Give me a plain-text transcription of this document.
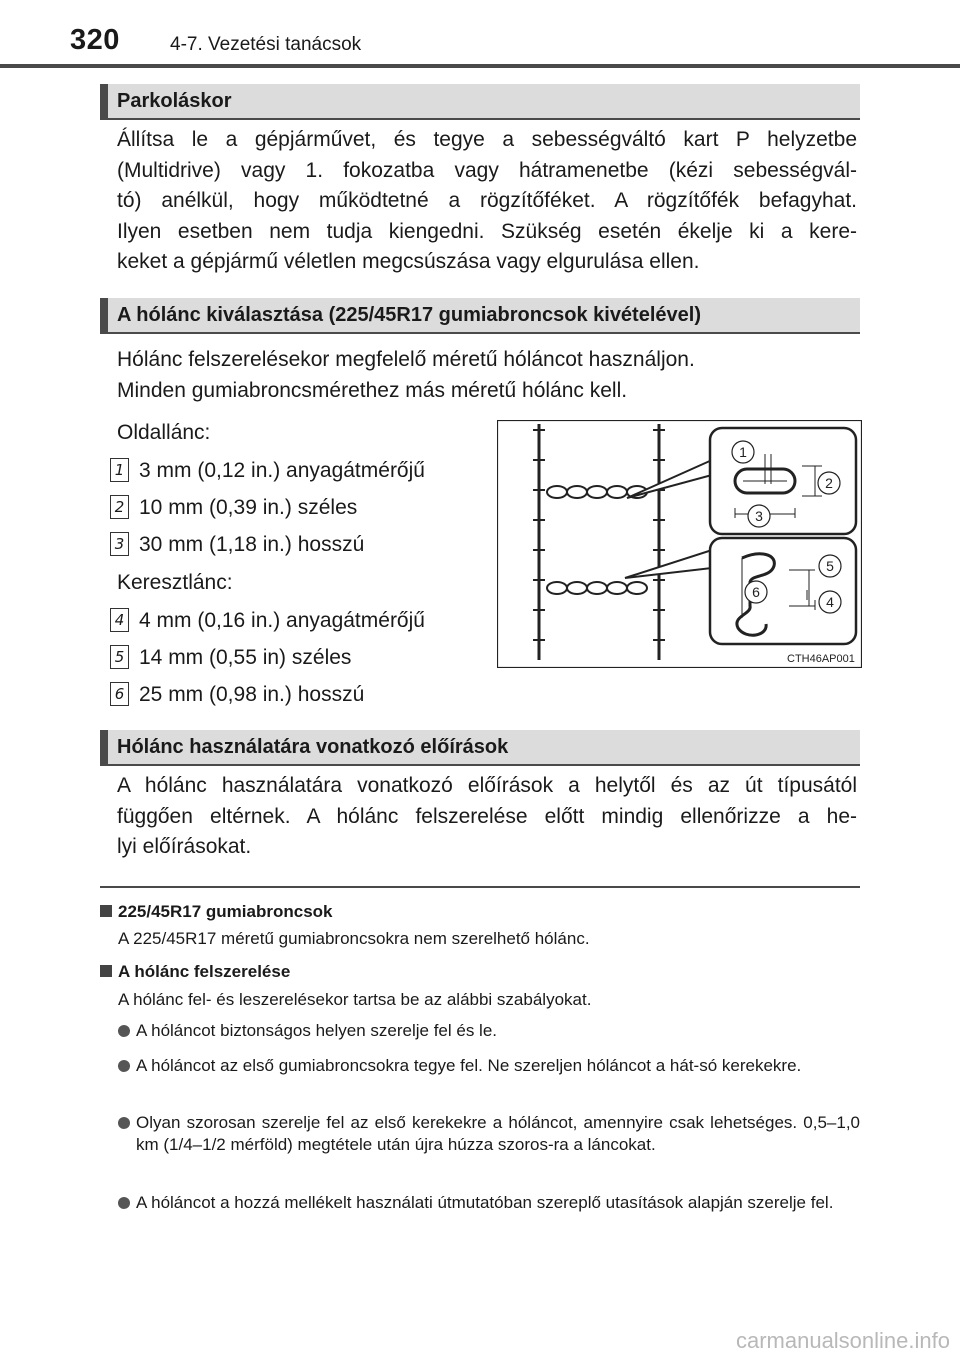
320	4-7. Vezetési tanácsok
Parkoláskor
Állítsa le a gépjárművet, és tegye a sebességváltó kart P helyzetbe
(Multidrive) vagy 1. fokozatba vagy hátramenetbe (kézi sebességvál-
tó) anélkül, hogy működtetné a rögzítőféket. A rögzítőfék befagyhat.
Ilyen esetben nem tudja kiengedni. Szükség esetén ékelje ki a kere-
keket a gépjármű véletlen megcsúszása vagy elgurulása ellen.
A hólánc kiválasztása (225/45R17 gumiabroncsok kivételével)
Hólánc felszerelésekor megfelelő méretű hóláncot használjon.
Minden gumiabroncsmérethez más méretű hólánc kell.
Oldallánc:
1 3 mm (0,12 in.) anyagátmérőjű
2 10 mm (0,39 in.) széles
3 30 mm (1,18 in.) hosszú
Keresztlánc:
4 4 mm (0,16 in.) anyagátmérőjű
5 14 mm (0,55 in) széles
6 25 mm (0,98 in.) hosszú
1
2
3
4
5
6
CTH46AP001
Hólánc használatára vonatkozó előírások
A hólánc használatára vonatkozó előírások a helytől és az út típusától
függően eltérnek. A hólánc felszerelése előtt mindig ellenőrizze a he-
lyi előírásokat.
225/45R17 gumiabroncsok
A 225/45R17 méretű gumiabroncsokra nem szerelhető hólánc.
A hólánc felszerelése
A hólánc fel- és leszerelésekor tartsa be az alábbi szabályokat.
A hóláncot biztonságos helyen szerelje fel és le.
A hóláncot az első gumiabroncsokra tegye fel. Ne szereljen hóláncot a hát-só kerekekre.
Olyan szorosan szerelje fel az első kerekekre a hóláncot, amennyire csak lehetséges. 0,5–1,0 km (1/4–1/2 mérföld) megtétele után újra húzza szoros-ra a láncokat.
A hóláncot a hozzá mellékelt használati útmutatóban szereplő utasítások alapján szerelje fel.
carmanualsonline.info
